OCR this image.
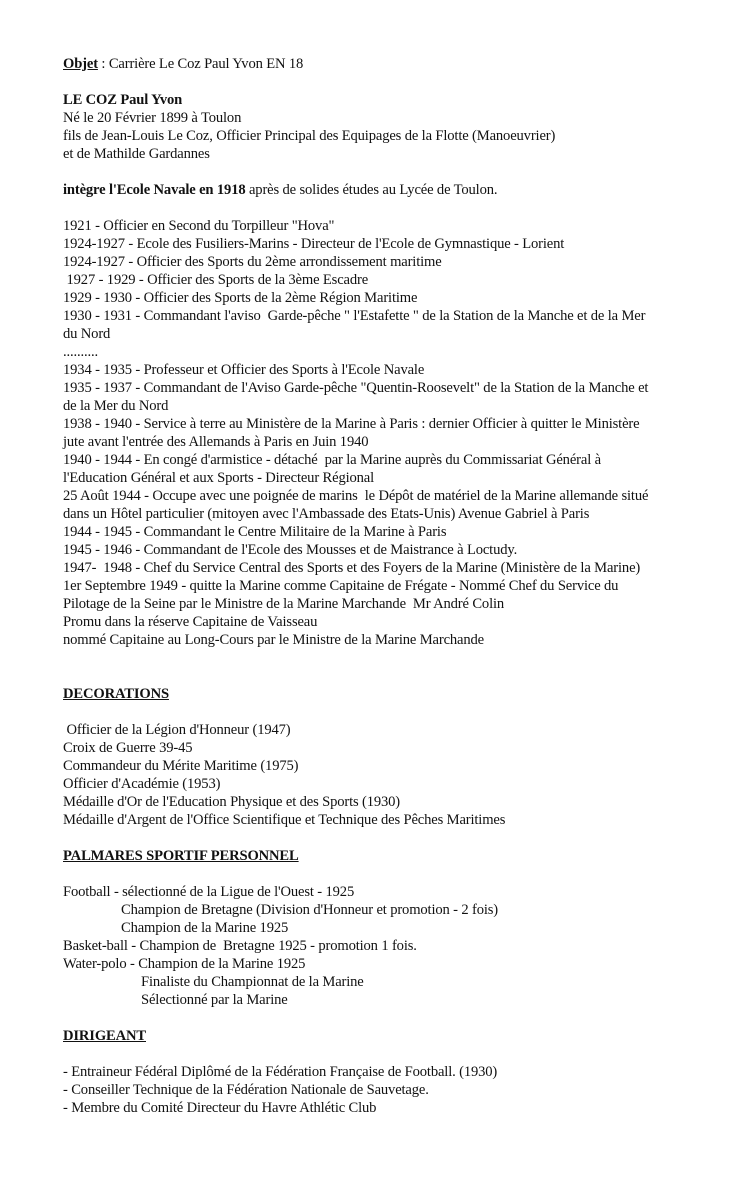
Objet : Carrière Le Coz Paul Yvon EN 18
LE COZ Paul Yvon
Né le 20 Février 1899 à Toulon
fils de Jean-Louis Le Coz, Officier Principal des Equipages de la Flotte (Manoeuvrier)
et de Mathilde Gardannes
intègre l'Ecole Navale en 1918 après de solides études au Lycée de Toulon.
1921 - Officier en Second du Torpilleur "Hova"
1924-1927 - Ecole des Fusiliers-Marins - Directeur de l'Ecole de Gymnastique - Lorient
1924-1927 - Officier des Sports du 2ème arrondissement maritime
1927 - 1929 - Officier des Sports de la 3ème Escadre
1929 - 1930 - Officier des Sports de la 2ème Région Maritime
1930 - 1931 - Commandant l'aviso  Garde-pêche " l'Estafette " de la Station de la Manche et de la Mer
du Nord
..........
1934 - 1935 - Professeur et Officier des Sports à l'Ecole Navale
1935 - 1937 - Commandant de l'Aviso Garde-pêche "Quentin-Roosevelt" de la Station de la Manche et
de la Mer du Nord
1938 - 1940 - Service à terre au Ministère de la Marine à Paris : dernier Officier à quitter le Ministère
jute avant l'entrée des Allemands à Paris en Juin 1940
1940 - 1944 - En congé d'armistice - détaché  par la Marine auprès du Commissariat Général à
l'Education Général et aux Sports - Directeur Régional
25 Août 1944 - Occupe avec une poignée de marins  le Dépôt de matériel de la Marine allemande situé
dans un Hôtel particulier (mitoyen avec l'Ambassade des Etats-Unis) Avenue Gabriel à Paris
1944 - 1945 - Commandant le Centre Militaire de la Marine à Paris
1945 - 1946 - Commandant de l'Ecole des Mousses et de Maistrance à Loctudy.
1947-  1948 - Chef du Service Central des Sports et des Foyers de la Marine (Ministère de la Marine)
1er Septembre 1949 - quitte la Marine comme Capitaine de Frégate - Nommé Chef du Service du
Pilotage de la Seine par le Ministre de la Marine Marchande  Mr André Colin
Promu dans la réserve Capitaine de Vaisseau
nommé Capitaine au Long-Cours par le Ministre de la Marine Marchande
DECORATIONS
Officier de la Légion d'Honneur (1947)
Croix de Guerre 39-45
Commandeur du Mérite Maritime (1975)
Officier d'Académie (1953)
Médaille d'Or de l'Education Physique et des Sports (1930)
Médaille d'Argent de l'Office Scientifique et Technique des Pêches Maritimes
PALMARES SPORTIF PERSONNEL
Football - sélectionné de la Ligue de l'Ouest - 1925
Champion de Bretagne (Division d'Honneur et promotion - 2 fois)
Champion de la Marine 1925
Basket-ball - Champion de  Bretagne 1925 - promotion 1 fois.
Water-polo - Champion de la Marine 1925
Finaliste du Championnat de la Marine
Sélectionné par la Marine
DIRIGEANT
- Entraineur Fédéral Diplômé de la Fédération Française de Football. (1930)
- Conseiller Technique de la Fédération Nationale de Sauvetage.
- Membre du Comité Directeur du Havre Athlétic Club
